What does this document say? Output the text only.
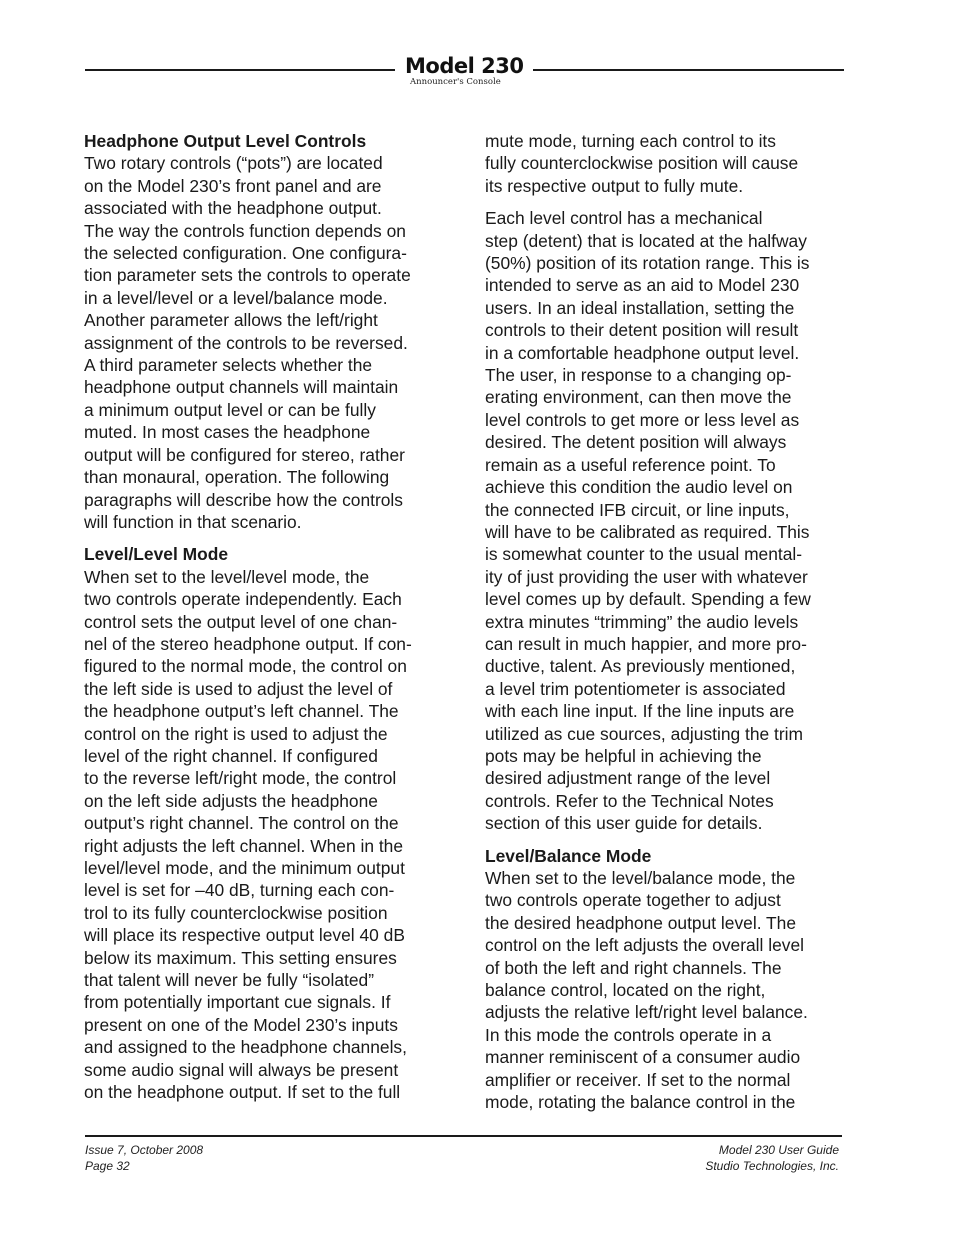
Model 230
Announcer's Console
Headphone Output Level Controls

Two rotary controls (“pots”) are located
on the Model 230’s front panel and are
associated with the headphone output.
The way the controls function depends on
the selected configuration. One configura-
tion parameter sets the controls to operate
in a level/level or a level/balance mode.
Another parameter allows the left/right
assignment of the controls to be reversed.
A third parameter selects whether the
headphone output channels will maintain
a minimum output level or can be fully
muted. In most cases the headphone
output will be configured for stereo, rather
than monaural, operation. The following
paragraphs will describe how the controls
will function in that scenario.

Level/Level Mode

When set to the level/level mode, the
two controls operate independently. Each
control sets the output level of one chan-
nel of the stereo headphone output. If con-
figured to the normal mode, the control on
the left side is used to adjust the level of
the headphone output’s left channel. The
control on the right is used to adjust the
level of the right channel. If configured
to the reverse left/right mode, the control
on the left side adjusts the headphone
output’s right channel. The control on the
right adjusts the left channel. When in the
level/level mode, and the minimum output
level is set for –40 dB, turning each con-
trol to its fully counterclockwise position
will place its respective output level 40 dB
below its maximum. This setting ensures
that talent will never be fully “isolated”
from potentially important cue signals. If
present on one of the Model 230’s inputs
and assigned to the headphone channels,
some audio signal will always be present
on the headphone output. If set to the full

mute mode, turning each control to its
fully counterclockwise position will cause
its respective output to fully mute.

Each level control has a mechanical
step (detent) that is located at the halfway
(50%) position of its rotation range. This is
intended to serve as an aid to Model 230
users. In an ideal installation, setting the
controls to their detent position will result
in a comfortable headphone output level.
The user, in response to a changing op-
erating environment, can then move the
level controls to get more or less level as
desired. The detent position will always
remain as a useful reference point. To
achieve this condition the audio level on
the connected IFB circuit, or line inputs,
will have to be calibrated as required. This
is somewhat counter to the usual mental-
ity of just providing the user with whatever
level comes up by default. Spending a few
extra minutes “trimming” the audio levels
can result in much happier, and more pro-
ductive, talent. As previously mentioned,
a level trim potentiometer is associated
with each line input. If the line inputs are
utilized as cue sources, adjusting the trim
pots may be helpful in achieving the
desired adjustment range of the level
controls. Refer to the Technical Notes
section of this user guide for details.

Level/Balance Mode

When set to the level/balance mode, the
two controls operate together to adjust
the desired headphone output level. The
control on the left adjusts the overall level
of both the left and right channels. The
balance control, located on the right,
adjusts the relative left/right level balance.
In this mode the controls operate in a
manner reminiscent of a consumer audio
amplifier or receiver. If set to the normal
mode, rotating the balance control in the

Issue 7, October 2008
Page 32
Model 230 User Guide
Studio Technologies, Inc.
